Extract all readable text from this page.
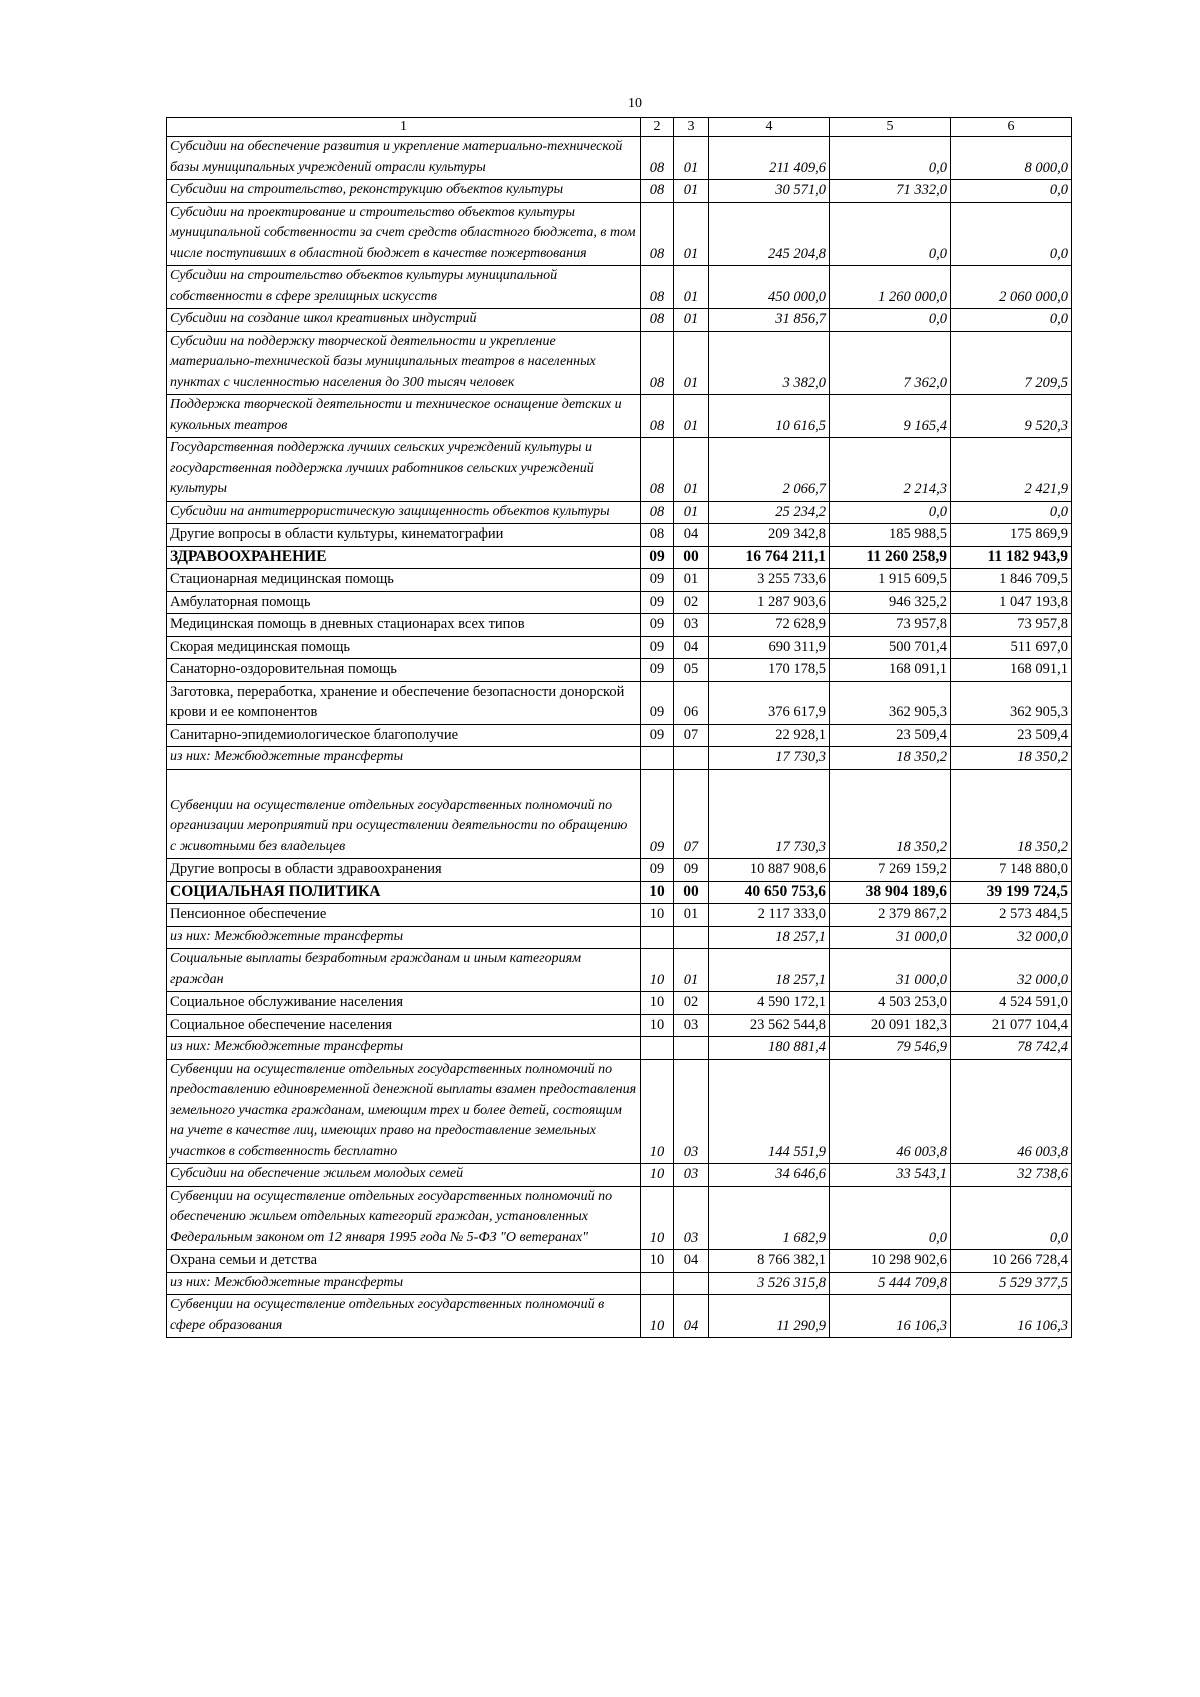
10
1	2	3	4	5	6
Субсидии на обеспечение развития и укрепление материально-технической базы муниципальных учреждений отрасли культуры	08	01	211 409,6	0,0	8 000,0
Субсидии на строительство, реконструкцию объектов культуры	08	01	30 571,0	71 332,0	0,0
Субсидии на проектирование и строительство объектов культуры муниципальной собственности за счет средств областного бюджета, в том числе поступивших в областной бюджет в качестве пожертвования	08	01	245 204,8	0,0	0,0
Субсидии на строительство объектов культуры муниципальной собственности в сфере зрелищных искусств	08	01	450 000,0	1 260 000,0	2 060 000,0
Субсидии на создание школ креативных индустрий	08	01	31 856,7	0,0	0,0
Субсидии на поддержку творческой деятельности и укрепление материально-технической базы муниципальных театров в населенных пунктах с численностью населения до 300 тысяч человек	08	01	3 382,0	7 362,0	7 209,5
Поддержка творческой деятельности и техническое оснащение детских и кукольных театров	08	01	10 616,5	9 165,4	9 520,3
Государственная поддержка лучших сельских учреждений культуры и государственная поддержка лучших работников сельских учреждений культуры	08	01	2 066,7	2 214,3	2 421,9
Субсидии на антитеррористическую защищенность объектов культуры	08	01	25 234,2	0,0	0,0
Другие вопросы в области культуры, кинематографии	08	04	209 342,8	185 988,5	175 869,9
ЗДРАВООХРАНЕНИЕ	09	00	16 764 211,1	11 260 258,9	11 182 943,9
Стационарная медицинская помощь	09	01	3 255 733,6	1 915 609,5	1 846 709,5
Амбулаторная помощь	09	02	1 287 903,6	946 325,2	1 047 193,8
Медицинская помощь в дневных стационарах всех типов	09	03	72 628,9	73 957,8	73 957,8
Скорая медицинская помощь	09	04	690 311,9	500 701,4	511 697,0
Санаторно-оздоровительная помощь	09	05	170 178,5	168 091,1	168 091,1
Заготовка, переработка, хранение и обеспечение безопасности донорской крови и ее компонентов	09	06	376 617,9	362 905,3	362 905,3
Санитарно-эпидемиологическое благополучие	09	07	22 928,1	23 509,4	23 509,4
из них: Межбюджетные трансферты			17 730,3	18 350,2	18 350,2
Субвенции на осуществление отдельных государственных полномочий по организации мероприятий при осуществлении деятельности по обращению с животными без владельцев	09	07	17 730,3	18 350,2	18 350,2
Другие вопросы в области здравоохранения	09	09	10 887 908,6	7 269 159,2	7 148 880,0
СОЦИАЛЬНАЯ ПОЛИТИКА	10	00	40 650 753,6	38 904 189,6	39 199 724,5
Пенсионное обеспечение	10	01	2 117 333,0	2 379 867,2	2 573 484,5
из них: Межбюджетные трансферты			18 257,1	31 000,0	32 000,0
Социальные выплаты безработным гражданам и иным категориям граждан	10	01	18 257,1	31 000,0	32 000,0
Социальное обслуживание населения	10	02	4 590 172,1	4 503 253,0	4 524 591,0
Социальное обеспечение населения	10	03	23 562 544,8	20 091 182,3	21 077 104,4
из них: Межбюджетные трансферты			180 881,4	79 546,9	78 742,4
Субвенции на осуществление отдельных государственных полномочий по предоставлению единовременной денежной выплаты взамен предоставления земельного участка гражданам, имеющим трех и более детей, состоящим на учете в качестве лиц, имеющих право на предоставление земельных участков в собственность бесплатно	10	03	144 551,9	46 003,8	46 003,8
Субсидии на обеспечение жильем молодых семей	10	03	34 646,6	33 543,1	32 738,6
Субвенции на осуществление отдельных государственных полномочий по обеспечению жильем отдельных категорий граждан, установленных Федеральным законом от 12 января 1995 года № 5-ФЗ "О ветеранах"	10	03	1 682,9	0,0	0,0
Охрана семьи и детства	10	04	8 766 382,1	10 298 902,6	10 266 728,4
из них: Межбюджетные трансферты			3 526 315,8	5 444 709,8	5 529 377,5
Субвенции на осуществление отдельных государственных полномочий в сфере образования	10	04	11 290,9	16 106,3	16 106,3
